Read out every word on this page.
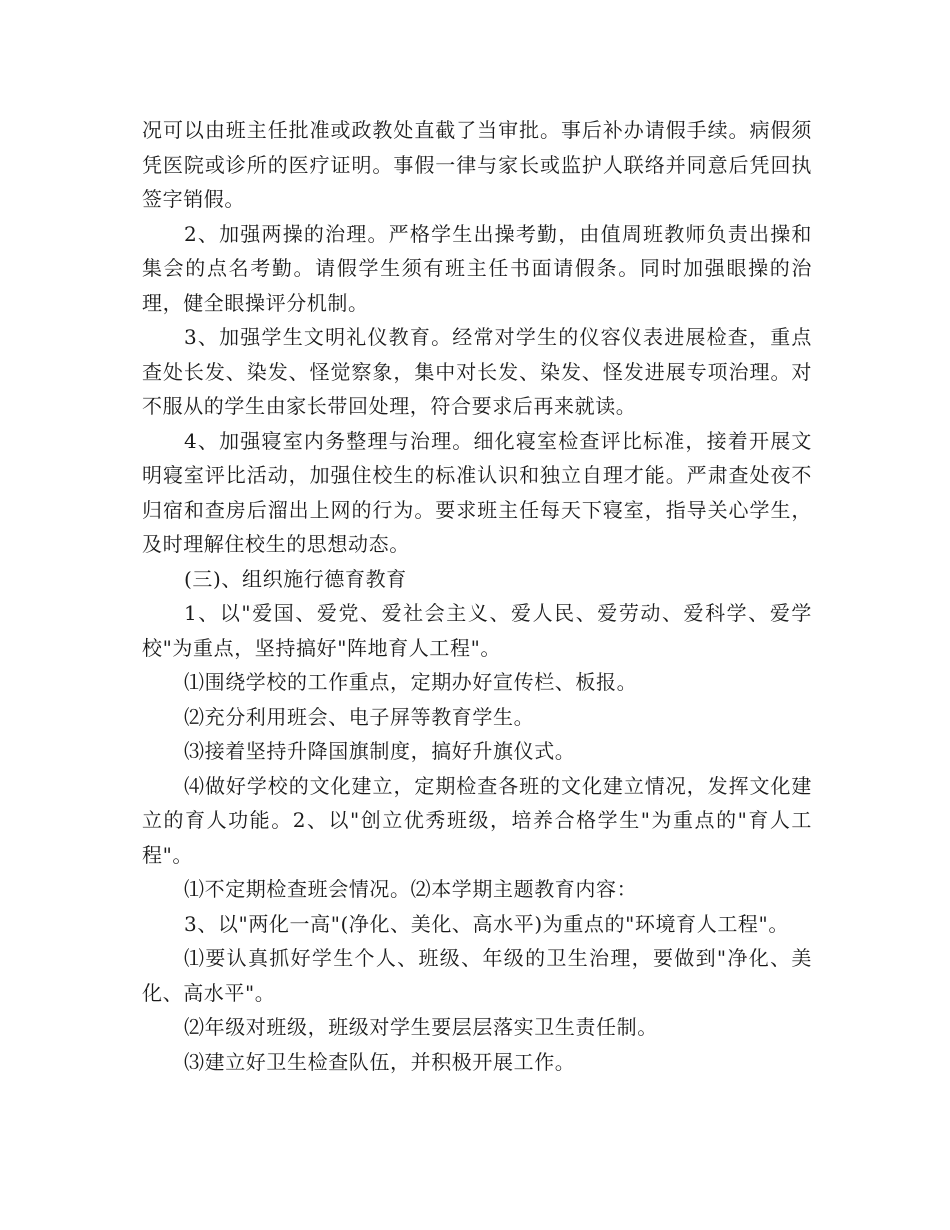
况可以由班主任批准或政教处直截了当审批。事后补办请假手续。病假须凭医院或诊所的医疗证明。事假一律与家长或监护人联络并同意后凭回执签字销假。

2、加强两操的治理。严格学生出操考勤，由值周班教师负责出操和集会的点名考勤。请假学生须有班主任书面请假条。同时加强眼操的治理，健全眼操评分机制。

3、加强学生文明礼仪教育。经常对学生的仪容仪表进展检查，重点查处长发、染发、怪觉察象，集中对长发、染发、怪发进展专项治理。对不服从的学生由家长带回处理，符合要求后再来就读。

4、加强寝室内务整理与治理。细化寝室检查评比标准，接着开展文明寝室评比活动，加强住校生的标准认识和独立自理才能。严肃查处夜不归宿和查房后溜出上网的行为。要求班主任每天下寝室，指导关心学生，及时理解住校生的思想动态。

(三)、组织施行德育教育

1、以"爱国、爱党、爱社会主义、爱人民、爱劳动、爱科学、爱学校"为重点，坚持搞好"阵地育人工程"。

⑴围绕学校的工作重点，定期办好宣传栏、板报。

⑵充分利用班会、电子屏等教育学生。

⑶接着坚持升降国旗制度，搞好升旗仪式。

⑷做好学校的文化建立，定期检查各班的文化建立情况，发挥文化建立的育人功能。2、以"创立优秀班级，培养合格学生"为重点的"育人工程"。

⑴不定期检查班会情况。⑵本学期主题教育内容：

3、以"两化一高"(净化、美化、高水平)为重点的"环境育人工程"。

⑴要认真抓好学生个人、班级、年级的卫生治理，要做到"净化、美化、高水平"。

⑵年级对班级，班级对学生要层层落实卫生责任制。

⑶建立好卫生检查队伍，并积极开展工作。
